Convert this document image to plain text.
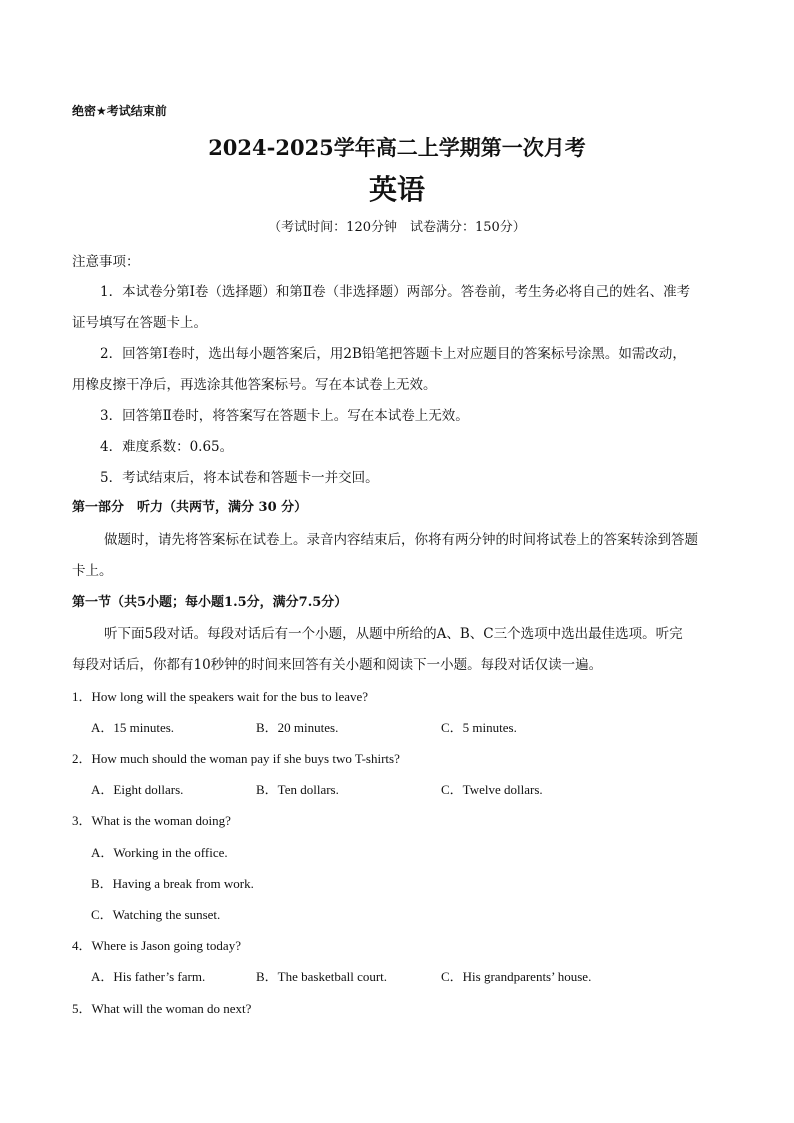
绝密★考试结束前
2024-2025学年高二上学期第一次月考
英语
（考试时间：120分钟　试卷满分：150分）
注意事项：
1．本试卷分第Ⅰ卷（选择题）和第Ⅱ卷（非选择题）两部分。答卷前，考生务必将自己的姓名、准考
证号填写在答题卡上。
2．回答第Ⅰ卷时，选出每小题答案后，用2B铅笔把答题卡上对应题目的答案标号涂黑。如需改动，
用橡皮擦干净后，再选涂其他答案标号。写在本试卷上无效。
3．回答第Ⅱ卷时，将答案写在答题卡上。写在本试卷上无效。
4．难度系数：0.65。
5．考试结束后，将本试卷和答题卡一并交回。
第一部分　听力（共两节，满分 30 分）
做题时，请先将答案标在试卷上。录音内容结束后，你将有两分钟的时间将试卷上的答案转涂到答题
卡上。
第一节（共5小题；每小题1.5分，满分7.5分）
听下面5段对话。每段对话后有一个小题，从题中所给的A、B、C三个选项中选出最佳选项。听完
每段对话后，你都有10秒钟的时间来回答有关小题和阅读下一小题。每段对话仅读一遍。
1．How long will the speakers wait for the bus to leave?
A．15 minutes.	B．20 minutes.	C．5 minutes.
2．How much should the woman pay if she buys two T-shirts?
A．Eight dollars.	B．Ten dollars.	C．Twelve dollars.
3．What is the woman doing?
A．Working in the office.
B．Having a break from work.
C．Watching the sunset.
4．Where is Jason going today?
A．His father’s farm.	B．The basketball court.	C．His grandparents’ house.
5．What will the woman do next?
